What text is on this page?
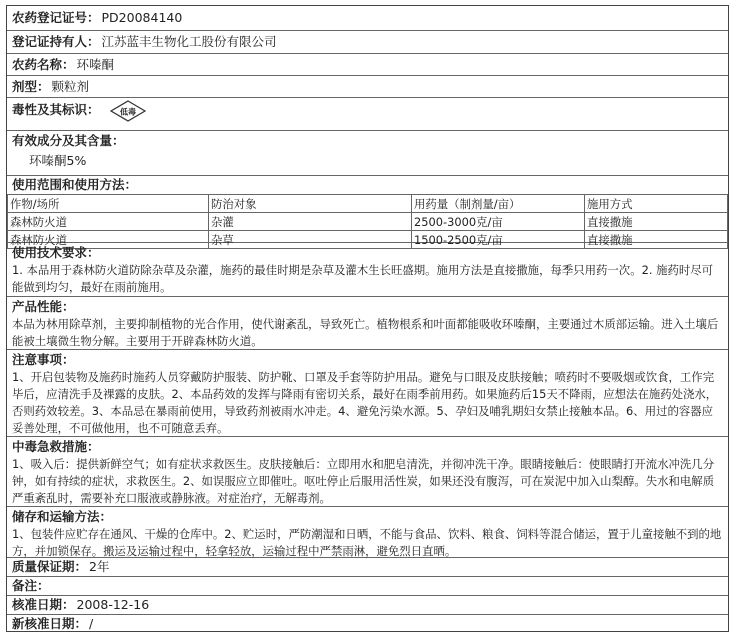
农药登记证号： PD20084140
登记证持有人： 江苏蓝丰生物化工股份有限公司
农药名称： 环嗪酮
剂型： 颗粒剂
毒性及其标识： 低毒
有效成分及其含量：
环嗪酮5%
使用范围和使用方法：
作物/场所	防治对象	用药量（制剂量/亩）	施用方式
森林防火道	杂灌	2500-3000克/亩	直接撒施
森林防火道	杂草	1500-2500克/亩	直接撒施
使用技术要求：
1. 本品用于森林防火道防除杂草及杂灌，施药的最佳时期是杂草及灌木生长旺盛期。施用方法是直接撒施，每季只用药一次。2. 施药时尽可能做到均匀，最好在雨前施用。
产品性能：
本品为林用除草剂，主要抑制植物的光合作用，使代谢紊乱，导致死亡。植物根系和叶面都能吸收环嗪酮，主要通过木质部运输。进入土壤后能被土壤微生物分解。主要用于开辟森林防火道。
注意事项：
1、开启包装物及施药时施药人员穿戴防护服装、防护靴、口罩及手套等防护用品。避免与口眼及皮肤接触；喷药时不要吸烟或饮食，工作完毕后，应清洗手及裸露的皮肤。2、本品药效的发挥与降雨有密切关系，最好在雨季前用药。如果施药后15天不降雨，应想法在施药处浇水，否则药效较差。3、本品忌在暴雨前使用，导致药剂被雨水冲走。4、避免污染水源。5、孕妇及哺乳期妇女禁止接触本品。6、用过的容器应妥善处理，不可做他用，也不可随意丢弃。
中毒急救措施：
1、吸入后：提供新鲜空气；如有症状求救医生。皮肤接触后：立即用水和肥皂清洗，并彻冲洗干净。眼睛接触后：使眼睛打开流水冲洗几分钟，如有持续的症状，求救医生。2、如误服应立即催吐。呕吐停止后服用活性炭，如果还没有腹泻，可在炭泥中加入山梨醇。失水和电解质严重紊乱时，需要补充口服液或静脉液。对症治疗，无解毒剂。
储存和运输方法：
1、包装件应贮存在通风、干燥的仓库中。2、贮运时，严防潮湿和日晒，不能与食品、饮料、粮食、饲料等混合储运，置于儿童接触不到的地方，并加锁保存。搬运及运输过程中，轻拿轻放，运输过程中严禁雨淋，避免烈日直晒。
质量保证期： 2年
备注：
核准日期： 2008-12-16
新核准日期： /
